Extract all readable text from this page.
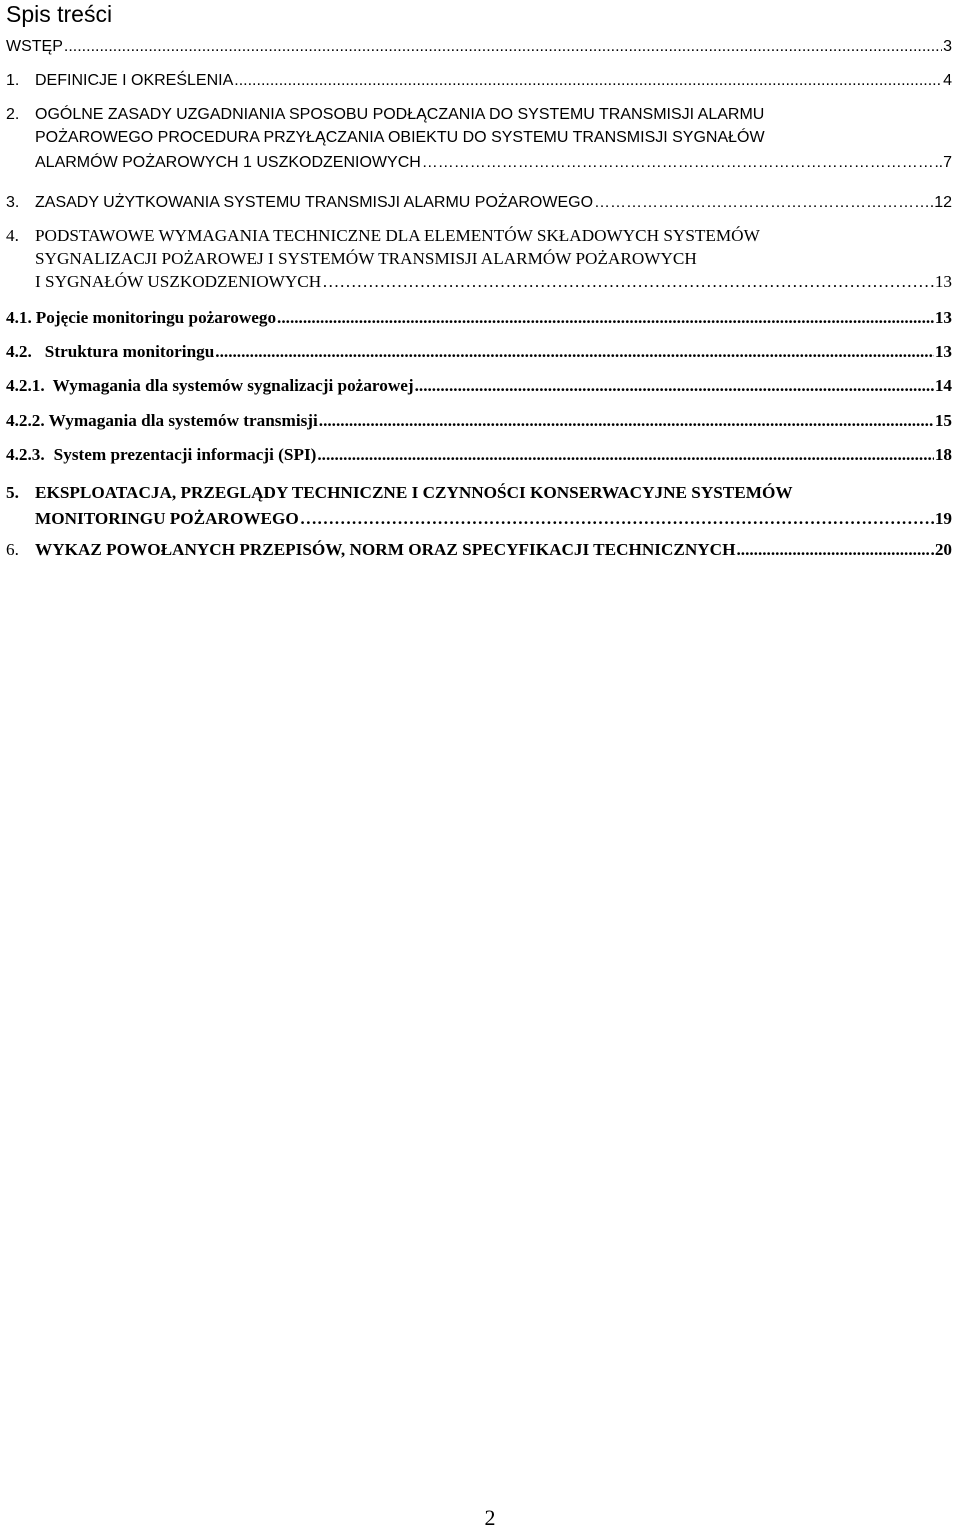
Spis treści
WSTĘP .....	3
1. DEFINICJE I OKREŚLENIA .....	4
2. OGÓLNE ZASADY UZGADNIANIA SPOSOBU PODŁĄCZANIA DO SYSTEMU TRANSMISJI ALARMU
POŻAROWEGO PROCEDURA PRZYŁĄCZANIA OBIEKTU DO SYSTEMU TRANSMISJI SYGNAŁÓW
ALARMÓW POŻAROWYCH 1 USZKODZENIOWYCH …………………………………………………………………………………………………………………………………………………………………………………………………………………………………………	.7
3. ZASADY UŻYTKOWANIA SYSTEMU TRANSMISJI ALARMU POŻAROWEGO …………………………………………………………………………………………………………………………………………………………………………………………………………………………………………	.12
4. PODSTAWOWE WYMAGANIA TECHNICZNE DLA ELEMENTÓW SKŁADOWYCH SYSTEMÓW
SYGNALIZACJI POŻAROWEJ I SYSTEMÓW TRANSMISJI ALARMÓW POŻAROWYCH
I SYGNAŁÓW USZKODZENIOWYCH …………………………………………………………………………………………………………………………………………………………………………………………………………………………………………	13
4.1. Pojęcie monitoringu pożarowego .....	13
4.2. Struktura monitoringu .....	13
4.2.1. Wymagania dla systemów sygnalizacji pożarowej .....	14
4.2.2. Wymagania dla systemów transmisji .....	15
4.2.3. System prezentacji informacji (SPI) .....	18
5. EKSPLOATACJA, PRZEGLĄDY TECHNICZNE I CZYNNOŚCI KONSERWACYJNE SYSTEMÓW
MONITORINGU POŻAROWEGO …………………………………………………………………………………………………………………………………………………………………………………………………………………………………………	.19
6. WYKAZ POWOŁANYCH PRZEPISÓW, NORM ORAZ SPECYFIKACJI TECHNICZNYCH .....	.20
2
